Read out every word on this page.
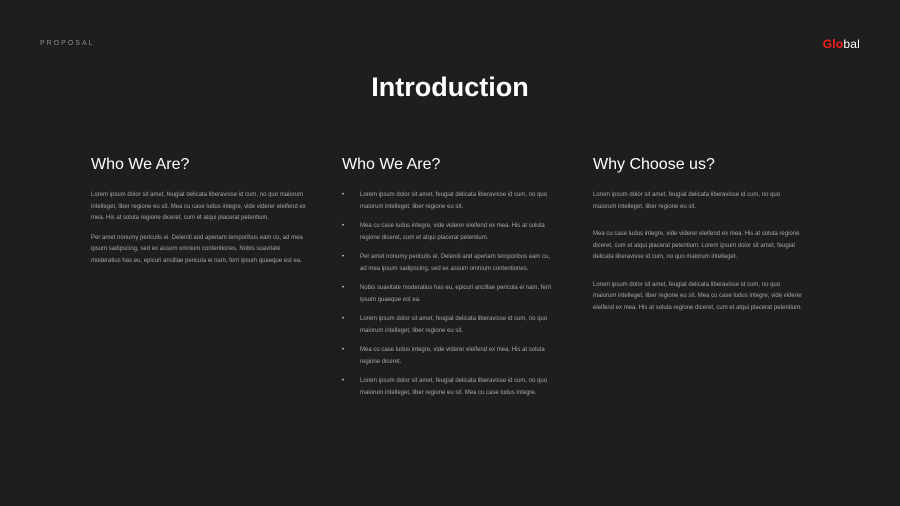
PROPOSAL	Global
Introduction
Who We Are?

Lorem ipsum dolor sit amet, feugiat delicata liberavisse id cum, no quo maiorum intelleget, liber regione eu sit. Mea cu case ludus integre, vide viderer eleifend ex mea. His at soluta regione diceret, cum et atqui placerat petentium.

Per amet nonumy periculis ei. Deleniti and aperiam temporibus eam cu, ad mea ipsum sadipscing, sed ex assum omnium contentiones. Nobis suavitate moderatius has eu, epicuri ancillae pericula ei nam, ferri ipsum quaeque est ea.

Who We Are?
•	Lorem ipsum dolor sit amet, feugiat delicata liberavisse id cum, no quo maiorum intelleget, liber regione eu sit.
•	Mea cu case ludus integre, vide viderer eleifend ex mea. His at soluta regione diceret, cum et atqui placerat petentium.
•	Per amet nonumy periculis ei. Deleniti and aperiam temporibus eam cu, ad mea ipsum sadipscing, sed ex assum omnium contentiones.
•	Nobis suavitate moderatius has eu, epicuri ancillae pericula ei nam, ferri ipsum quaeque est ea.
•	Lorem ipsum dolor sit amet, feugiat delicata liberavisse id cum, no quo maiorum intelleget, liber regione eu sit.
•	Mea cu case ludus integre, vide viderer eleifend ex mea. His at soluta regione diceret.
•	Lorem ipsum dolor sit amet, feugiat delicata liberavisse id cum, no quo maiorum intelleget, liber regione eu sit. Mea cu case ludus integre.
Why Choose us?

Lorem ipsum dolor sit amet, feugiat delicata liberavisse id cum, no quo maiorum intelleget, liber regione eu sit.

Mea cu case ludus integre, vide viderer eleifend ex mea. His at soluta regione diceret, cum et atqui placerat petentium. Lorem ipsum dolor sit amet, feugiat delicata liberavisse id cum, no quo maiorum intelleget.

Lorem ipsum dolor sit amet, feugiat delicata liberavisse id cum, no quo maiorum intelleget, liber regione eu sit. Mea cu case ludus integre, vide viderer eleifend ex mea. His at soluta regione diceret, cum et atqui placerat petentium.
